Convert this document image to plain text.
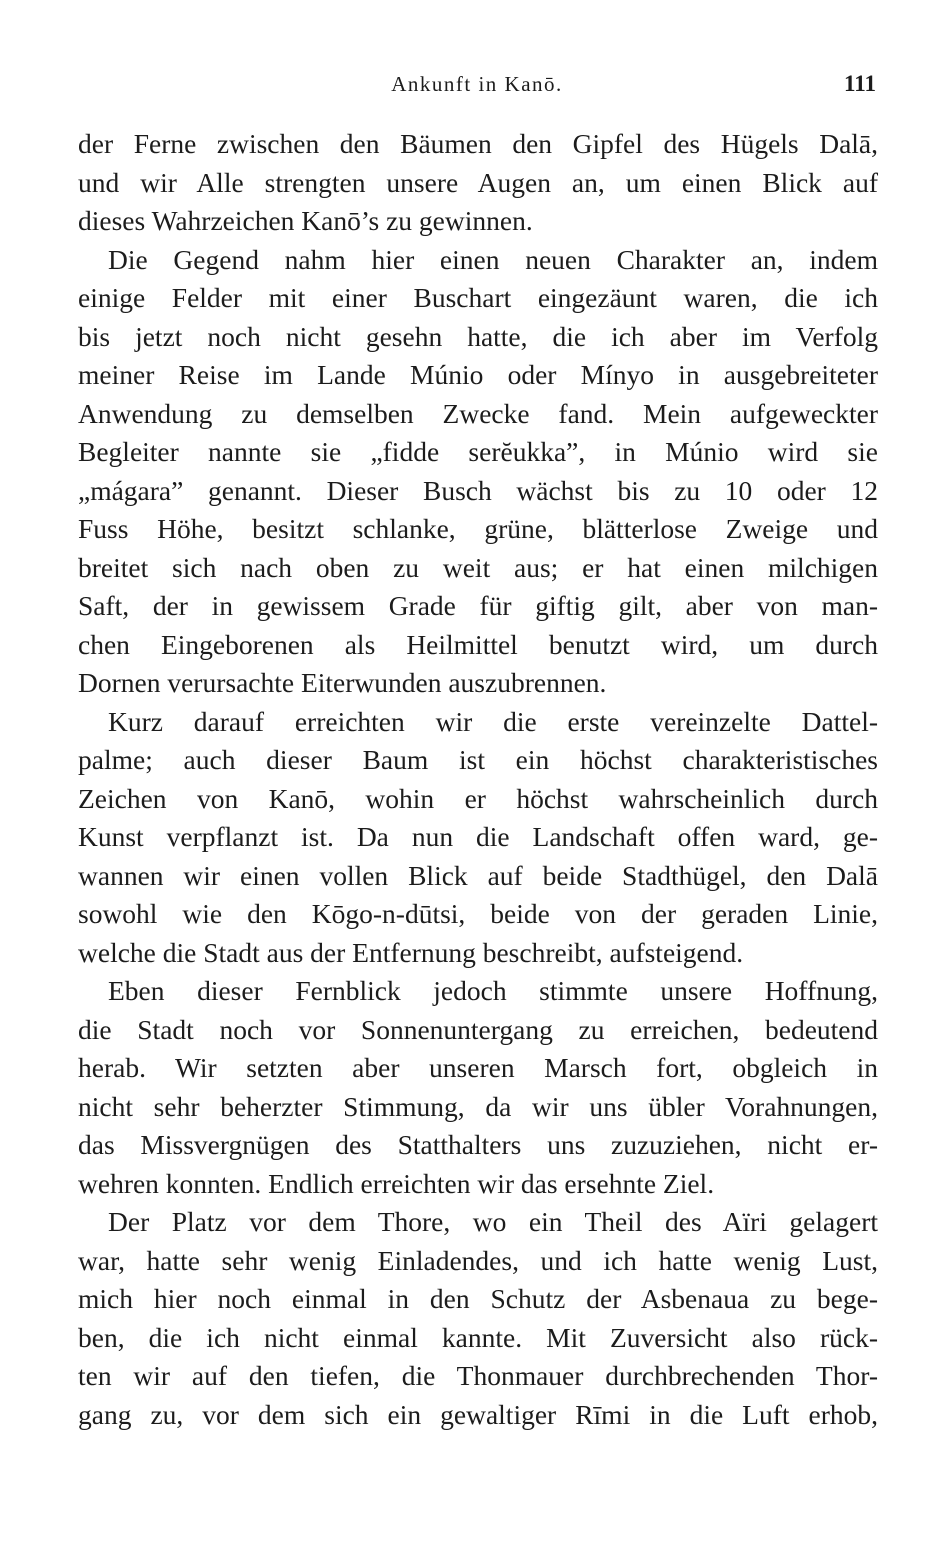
Ankunft in Kanō.	111
der Ferne zwischen den Bäumen den Gipfel des Hügels Dalā,
und wir Alle strengten unsere Augen an, um einen Blick auf
dieses Wahrzeichen Kanō’s zu gewinnen.
Die Gegend nahm hier einen neuen Charakter an, indem
einige Felder mit einer Buschart eingezäunt waren, die ich
bis jetzt noch nicht gesehn hatte, die ich aber im Verfolg
meiner Reise im Lande Múnio oder Mínyo in ausgebreiteter
Anwendung zu demselben Zwecke fand. Mein aufgeweckter
Begleiter nannte sie „fidde serĕukka”, in Múnio wird sie
„mágara” genannt. Dieser Busch wächst bis zu 10 oder 12
Fuss Höhe, besitzt schlanke, grüne, blätterlose Zweige und
breitet sich nach oben zu weit aus; er hat einen milchigen
Saft, der in gewissem Grade für giftig gilt, aber von man-
chen Eingeborenen als Heilmittel benutzt wird, um durch
Dornen verursachte Eiterwunden auszubrennen.
Kurz darauf erreichten wir die erste vereinzelte Dattel-
palme; auch dieser Baum ist ein höchst charakteristisches
Zeichen von Kanō, wohin er höchst wahrscheinlich durch
Kunst verpflanzt ist. Da nun die Landschaft offen ward, ge-
wannen wir einen vollen Blick auf beide Stadthügel, den Dalā
sowohl wie den Kōgo-n-dūtsi, beide von der geraden Linie,
welche die Stadt aus der Entfernung beschreibt, aufsteigend.
Eben dieser Fernblick jedoch stimmte unsere Hoffnung,
die Stadt noch vor Sonnenuntergang zu erreichen, bedeutend
herab. Wir setzten aber unseren Marsch fort, obgleich in
nicht sehr beherzter Stimmung, da wir uns übler Vorahnungen,
das Missvergnügen des Statthalters uns zuzuziehen, nicht er-
wehren konnten. Endlich erreichten wir das ersehnte Ziel.
Der Platz vor dem Thore, wo ein Theil des Aïri gelagert
war, hatte sehr wenig Einladendes, und ich hatte wenig Lust,
mich hier noch einmal in den Schutz der Asbenaua zu bege-
ben, die ich nicht einmal kannte. Mit Zuversicht also rück-
ten wir auf den tiefen, die Thonmauer durchbrechenden Thor-
gang zu, vor dem sich ein gewaltiger Rīmi in die Luft erhob,
